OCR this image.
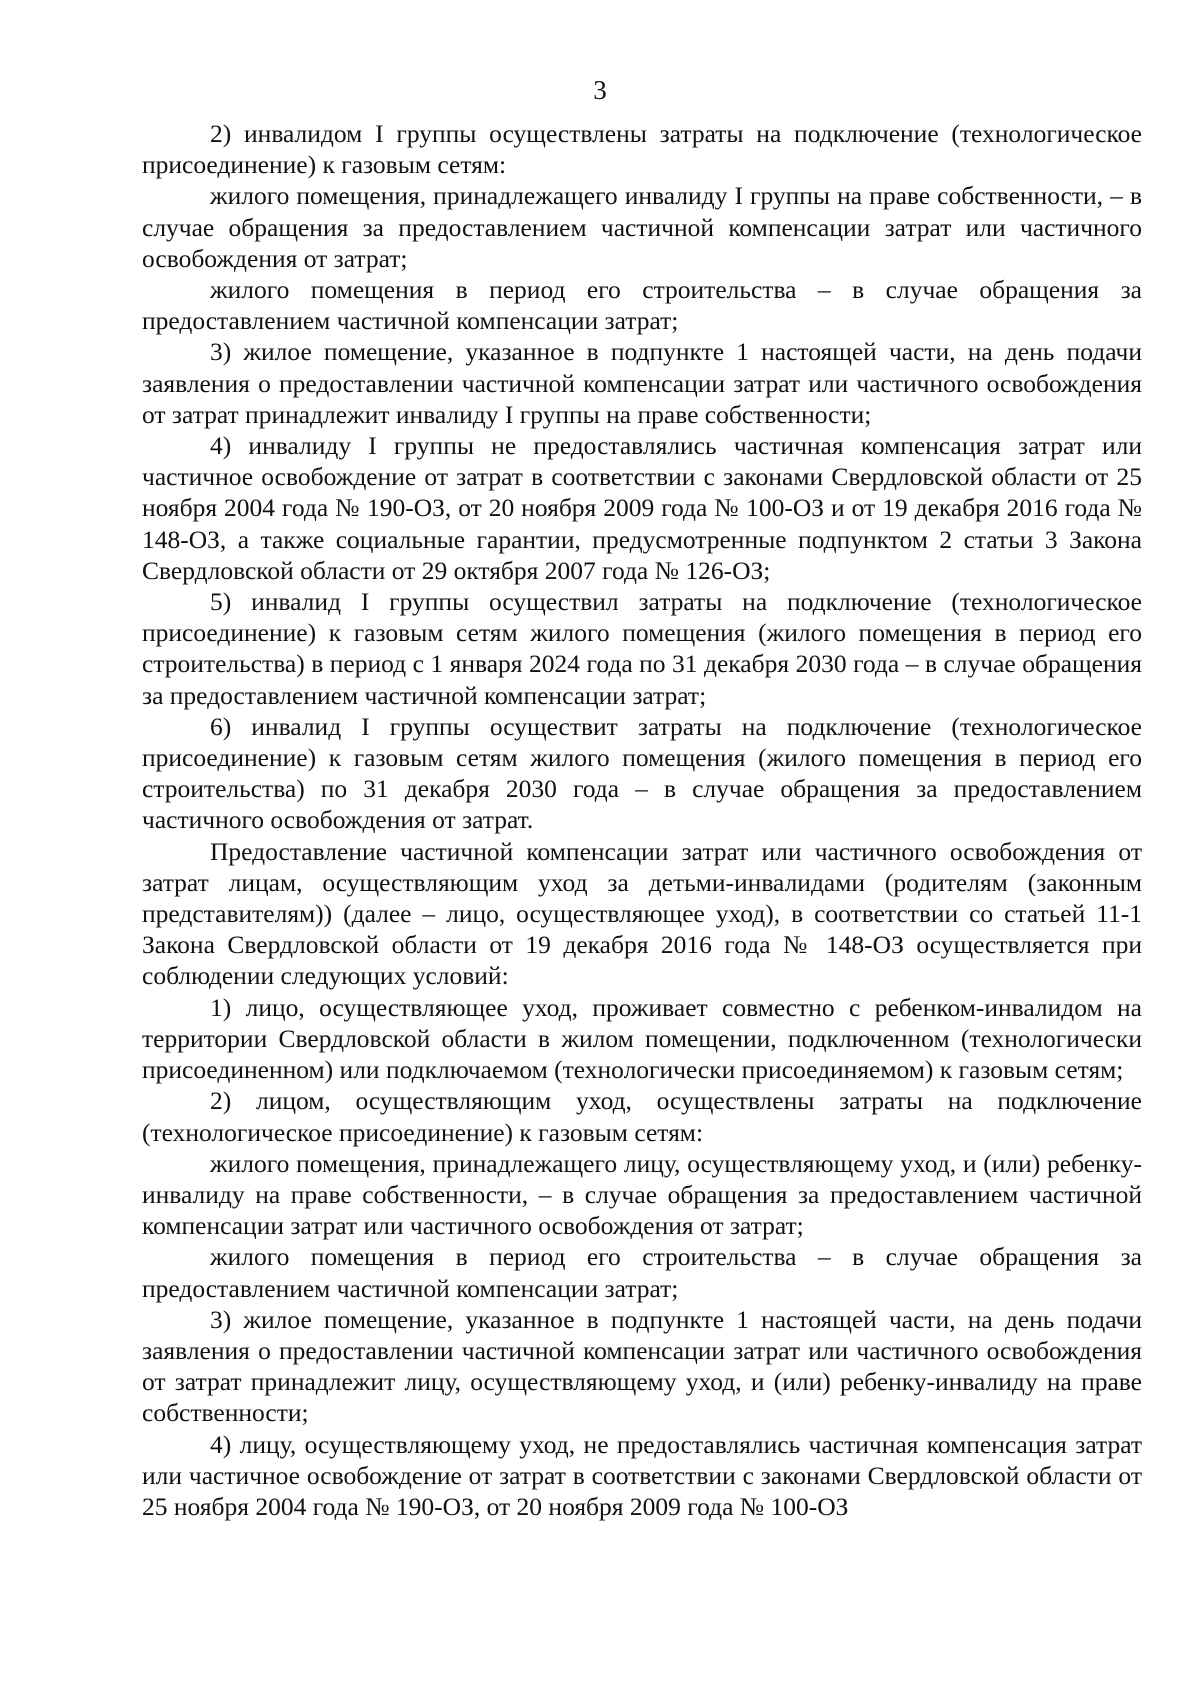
3

2) инвалидом I группы осуществлены затраты на подключение (технологическое присоединение) к газовым сетям:

жилого помещения, принадлежащего инвалиду I группы на праве собственности, – в случае обращения за предоставлением частичной компенсации затрат или частичного освобождения от затрат;

жилого помещения в период его строительства – в случае обращения за предоставлением частичной компенсации затрат;

3) жилое помещение, указанное в подпункте 1 настоящей части, на день подачи заявления о предоставлении частичной компенсации затрат или частичного освобождения от затрат принадлежит инвалиду I группы на праве собственности;

4) инвалиду I группы не предоставлялись частичная компенсация затрат или частичное освобождение от затрат в соответствии с законами Свердловской области от 25 ноября 2004 года № 190-ОЗ, от 20 ноября 2009 года № 100-ОЗ и от 19 декабря 2016 года № 148-ОЗ, а также социальные гарантии, предусмотренные подпунктом 2 статьи 3 Закона Свердловской области от 29 октября 2007 года № 126-ОЗ;

5) инвалид I группы осуществил затраты на подключение (технологическое присоединение) к газовым сетям жилого помещения (жилого помещения в период его строительства) в период с 1 января 2024 года по 31 декабря 2030 года – в случае обращения за предоставлением частичной компенсации затрат;

6) инвалид I группы осуществит затраты на подключение (технологическое присоединение) к газовым сетям жилого помещения (жилого помещения в период его строительства) по 31 декабря 2030 года – в случае обращения за предоставлением частичного освобождения от затрат.

Предоставление частичной компенсации затрат или частичного освобождения от затрат лицам, осуществляющим уход за детьми-инвалидами (родителям (законным представителям)) (далее – лицо, осуществляющее уход), в соответствии со статьей 11-1 Закона Свердловской области от 19 декабря 2016 года № 148-ОЗ осуществляется при соблюдении следующих условий:

1) лицо, осуществляющее уход, проживает совместно с ребенком-инвалидом на территории Свердловской области в жилом помещении, подключенном (технологически присоединенном) или подключаемом (технологически присоединяемом) к газовым сетям;

2) лицом, осуществляющим уход, осуществлены затраты на подключение (технологическое присоединение) к газовым сетям:

жилого помещения, принадлежащего лицу, осуществляющему уход, и (или) ребенку-инвалиду на праве собственности, – в случае обращения за предоставлением частичной компенсации затрат или частичного освобождения от затрат;

жилого помещения в период его строительства – в случае обращения за предоставлением частичной компенсации затрат;

3) жилое помещение, указанное в подпункте 1 настоящей части, на день подачи заявления о предоставлении частичной компенсации затрат или частичного освобождения от затрат принадлежит лицу, осуществляющему уход, и (или) ребенку-инвалиду на праве собственности;

4) лицу, осуществляющему уход, не предоставлялись частичная компенсация затрат или частичное освобождение от затрат в соответствии с законами Свердловской области от 25 ноября 2004 года № 190-ОЗ, от 20 ноября 2009 года № 100-ОЗ
